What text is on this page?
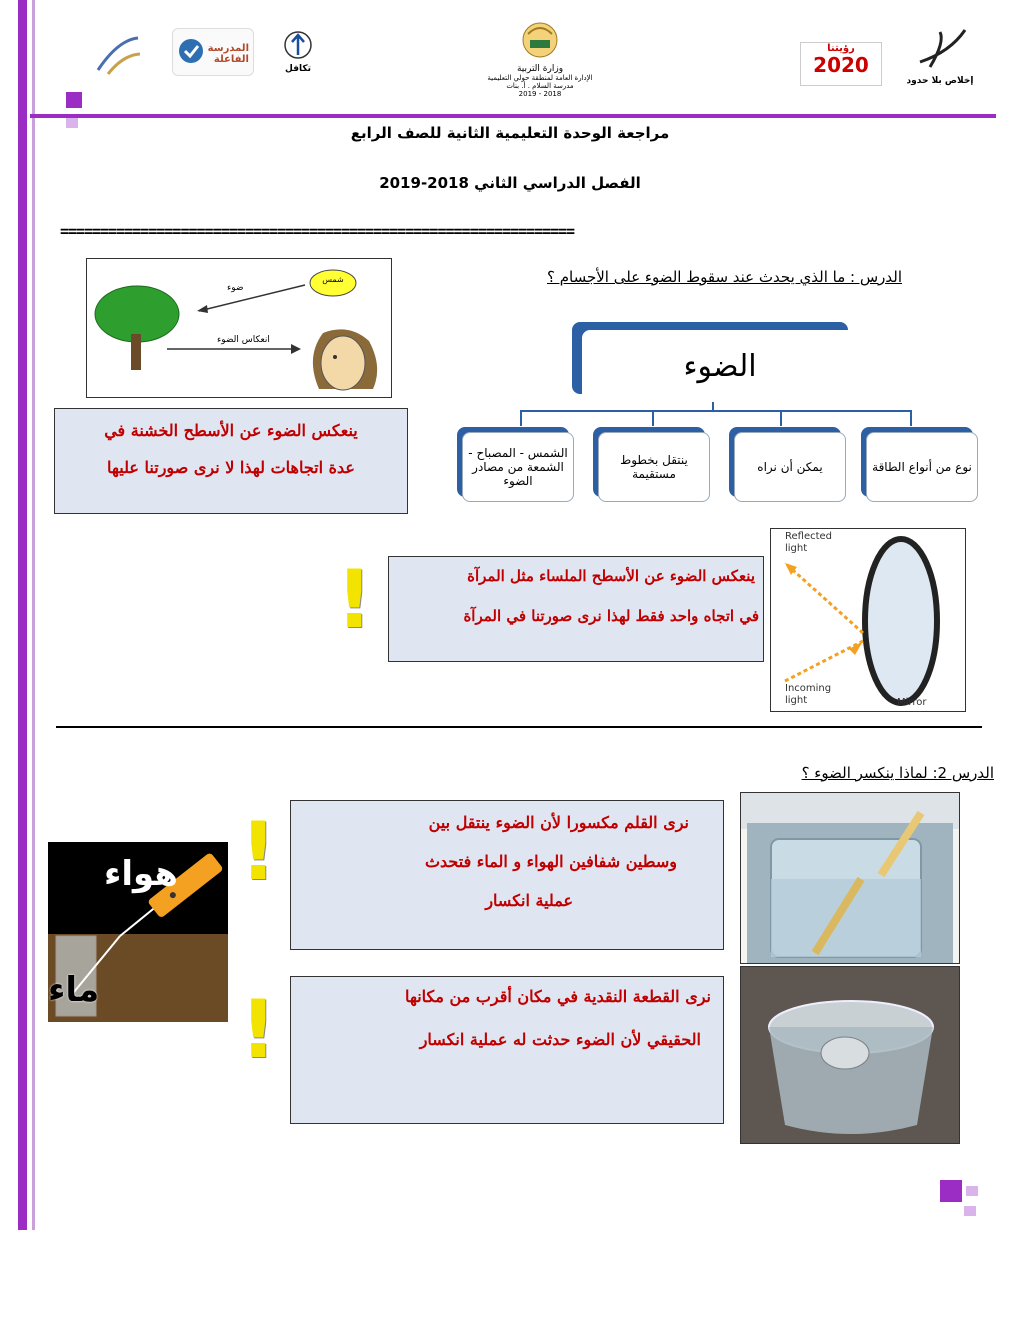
المدرسة الفاعلة
تكافل	وزارة التربية
الإدارة العامة لمنطقة حولي التعليمية
مدرسة السلام . أ. بنات
2018 - 2019
رؤيتنا
2020
إخلاص بلا حدود
مراجعة الوحدة التعليمية الثانية للصف الرابع
الفصل الدراسي الثاني 2018-2019
================================================================
الدرس : ما الذي يحدث عند سقوط الضوء على الأجسام ؟
شمس
ضوء
انعكاس الضوء

ينعكس الضوء عن الأسطح الخشنة في

عدة اتجاهات لهذا لا نرى صورتنا عليها

الضوء
نوع من أنواع الطاقة
يمكن أن نراه
ينتقل بخطوط مستقيمة
الشمس - المصباح - الشمعة من مصادر الضوء
!	ينعكس الضوء عن الأسطح الملساء مثل المرآة

في اتجاه واحد فقط لهذا نرى صورتنا في المرآة

Reflected light
Incoming light	Mirror
الدرس 2: لماذا ينكسر الضوء ؟

نرى القلم مكسورا لأن الضوء ينتقل بين

وسطين شفافين الهواء و الماء فتحدث

عملية انكسار

نرى القطعة النقدية في مكان أقرب من مكانها

الحقيقي لأن الضوء حدثت له عملية انكسار

!
!
هواء
ماء
